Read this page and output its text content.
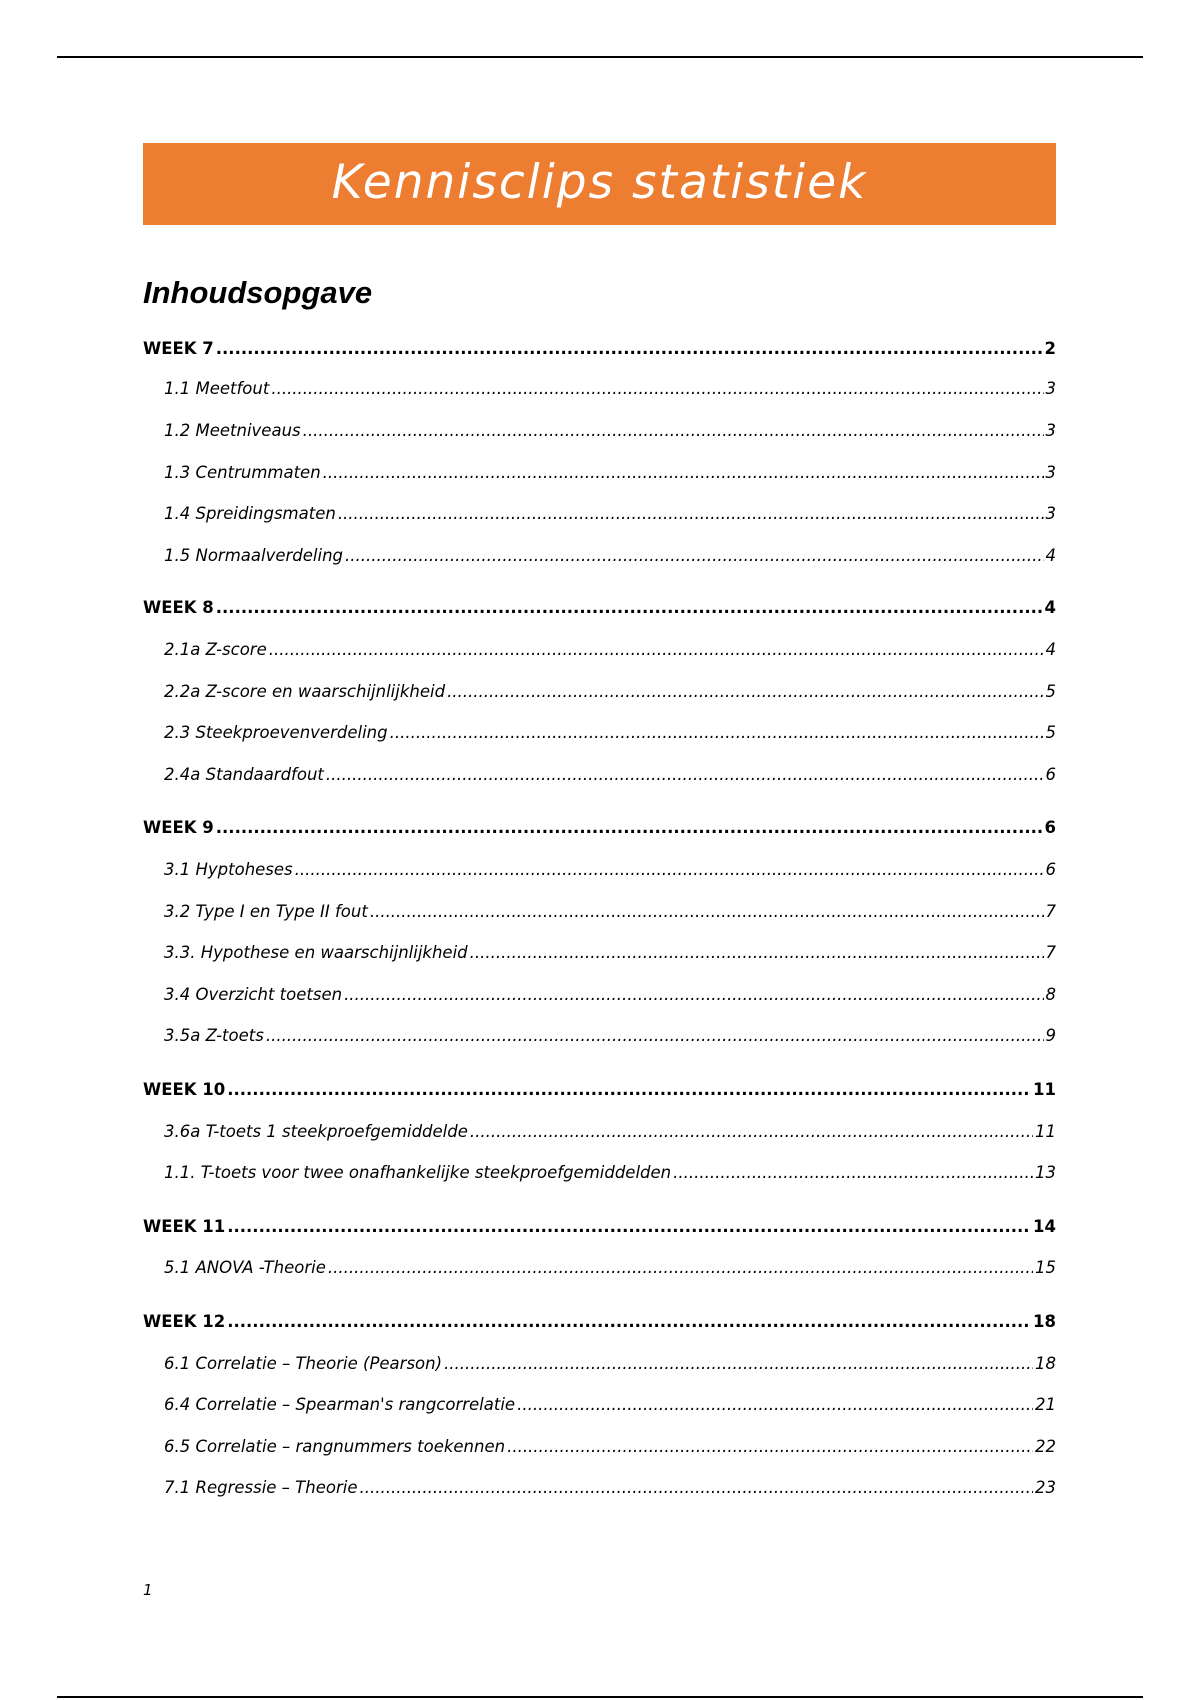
Kennisclips statistiek
Inhoudsopgave
WEEK 7 .....	2
1.1 Meetfout .....	3
1.2 Meetniveaus .....	3
1.3 Centrummaten .....	3
1.4 Spreidingsmaten .....	3
1.5 Normaalverdeling .....	4
WEEK 8 .....	4
2.1a Z-score .....	4
2.2a Z-score en waarschijnlijkheid .....	5
2.3 Steekproevenverdeling .....	5
2.4a Standaardfout .....	6
WEEK 9 .....	6
3.1 Hyptoheses .....	6
3.2 Type I en Type II fout .....	7
3.3. Hypothese en waarschijnlijkheid .....	7
3.4 Overzicht toetsen .....	8
3.5a Z-toets .....	9
WEEK 10 .....	11
3.6a T-toets 1 steekproefgemiddelde .....	11
1.1. T-toets voor twee onafhankelijke steekproefgemiddelden .....	13
WEEK 11 .....	14
5.1 ANOVA -Theorie .....	15
WEEK 12 .....	18
6.1 Correlatie – Theorie (Pearson) .....	18
6.4 Correlatie – Spearman's rangcorrelatie .....	21
6.5 Correlatie – rangnummers toekennen .....	22
7.1 Regressie – Theorie .....	23
1
